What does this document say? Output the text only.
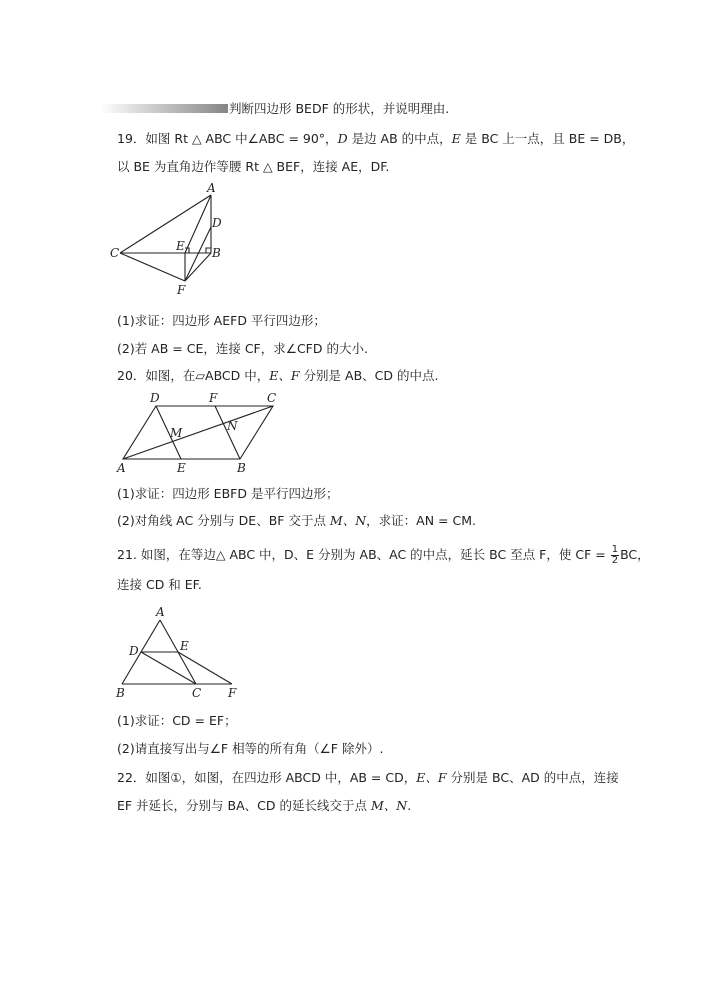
判断四边形 BEDF 的形状，并说明理由.
19．如图 Rt △ ABC 中∠ABC = 90°，D 是边 AB 的中点，E 是 BC 上一点，且 BE = DB，
以 BE 为直角边作等腰 Rt △ BEF，连接 AE，DF.
A
D
C	E B
F
(1)求证：四边形 AEFD 平行四边形；
(2)若 AB = CE，连接 CF，求∠CFD 的大小.
20．如图，在▱ABCD 中，E、F 分别是 AB、CD 的中点.
D	F	C
M	N
A	E	B
(1)求证：四边形 EBFD 是平行四边形；
(2)对角线 AC 分别与 DE、BF 交于点 M、N，求证：AN = CM.
21. 如图，在等边△ ABC 中，D、E 分别为 AB、AC 的中点，延长 BC 至点 F，使 CF = $\frac{1}{2}$ BC，
连接 CD 和 EF.
A
D	E
B	C F
(1)求证：CD = EF；
(2)请直接写出与∠F 相等的所有角（∠F 除外）.
22．如图①，如图，在四边形 ABCD 中，AB = CD，E、F 分别是 BC、AD 的中点，连接
EF 并延长，分别与 BA、CD 的延长线交于点 M、N.
